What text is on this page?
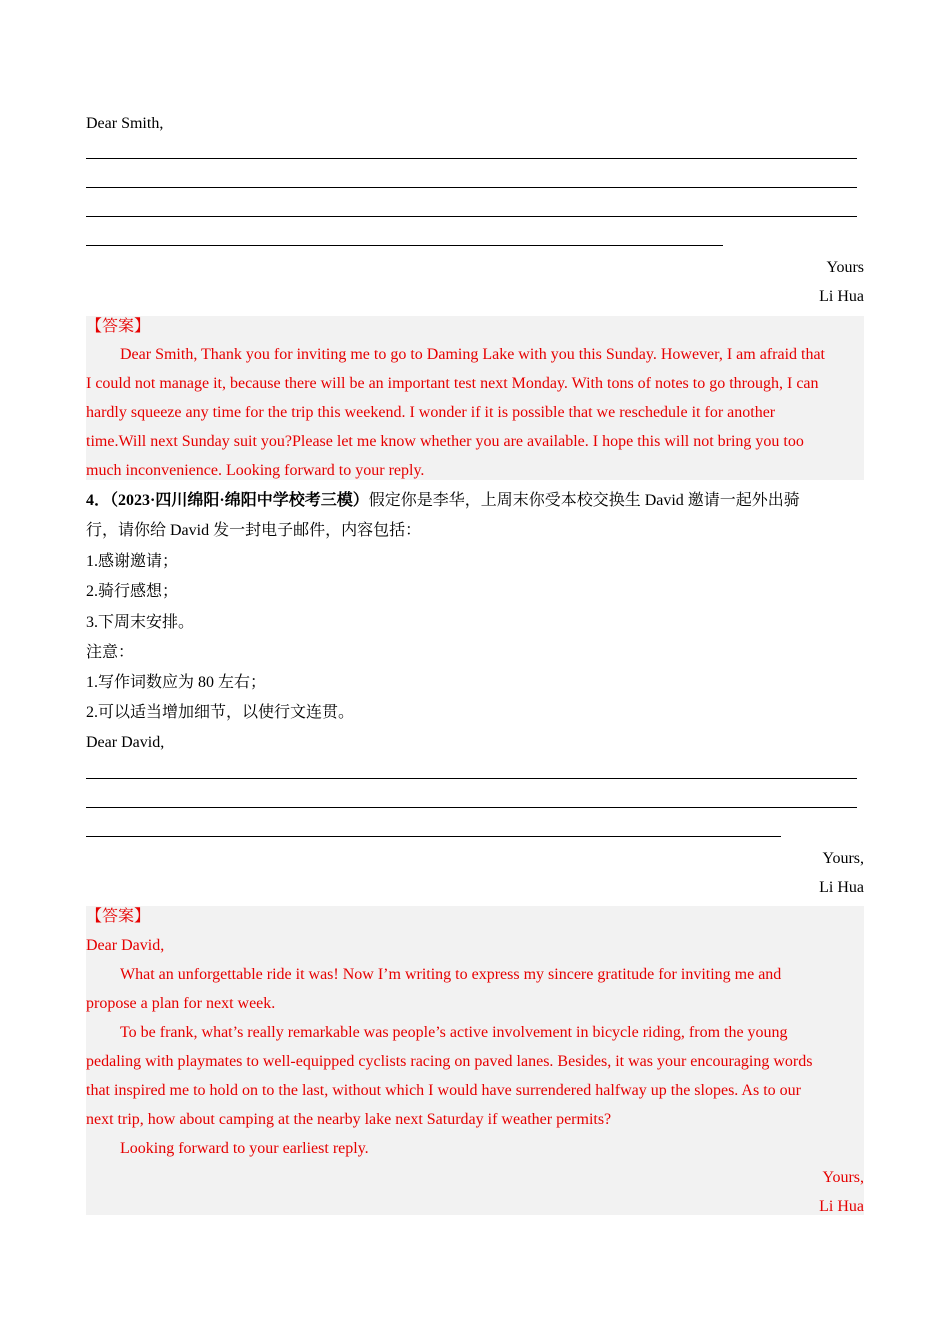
Dear Smith,
Yours
Li Hua
【答案】
Dear Smith, Thank you for inviting me to go to Daming Lake with you this Sunday. However, I am afraid that
I could not manage it, because there will be an important test next Monday. With tons of notes to go through, I can
hardly squeeze any time for the trip this weekend. I wonder if it is possible that we reschedule it for another
time.Will next Sunday suit you?Please let me know whether you are available. I hope this will not bring you too
much inconvenience. Looking forward to your reply.
4．（2023·四川绵阳·绵阳中学校考三模）假定你是李华，上周末你受本校交换生 David 邀请一起外出骑
行，请你给 David 发一封电子邮件，内容包括：
1.感谢邀请；
2.骑行感想；
3.下周末安排。
注意：
1.写作词数应为 80 左右；
2.可以适当增加细节，以使行文连贯。
Dear David,
Yours,
Li Hua
【答案】
Dear David,
What an unforgettable ride it was! Now I’m writing to express my sincere gratitude for inviting me and
propose a plan for next week.
To be frank, what’s really remarkable was people’s active involvement in bicycle riding, from the young
pedaling with playmates to well-equipped cyclists racing on paved lanes. Besides, it was your encouraging words
that inspired me to hold on to the last, without which I would have surrendered halfway up the slopes. As to our
next trip, how about camping at the nearby lake next Saturday if weather permits?
Looking forward to your earliest reply.
Yours,
Li Hua
